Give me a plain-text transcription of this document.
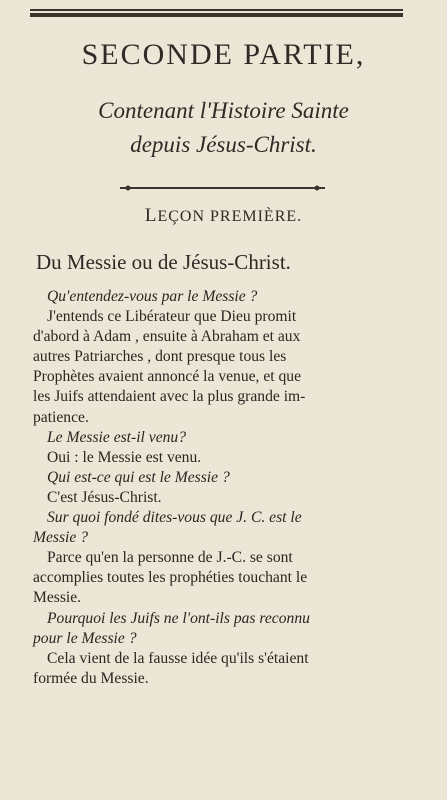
SECONDE PARTIE,
Contenant l'Histoire Sainte
depuis Jésus-Christ.
LEÇON PREMIÈRE.
Du Messie ou de Jésus-Christ.
Qu'entendez-vous par le Messie ?
J'entends ce Libérateur que Dieu promit
d'abord à Adam , ensuite à Abraham et aux
autres Patriarches , dont presque tous les
Prophètes avaient annoncé la venue, et que
les Juifs attendaient avec la plus grande im-
patience.
Le Messie est-il venu?
Oui : le Messie est venu.
Qui est-ce qui est le Messie ?
C'est Jésus-Christ.
Sur quoi fondé dites-vous que J. C. est le
Messie ?
Parce qu'en la personne de J.-C. se sont
accomplies toutes les prophéties touchant le
Messie.
Pourquoi les Juifs ne l'ont-ils pas reconnu
pour le Messie ?
Cela vient de la fausse idée qu'ils s'étaient
formée du Messie.
